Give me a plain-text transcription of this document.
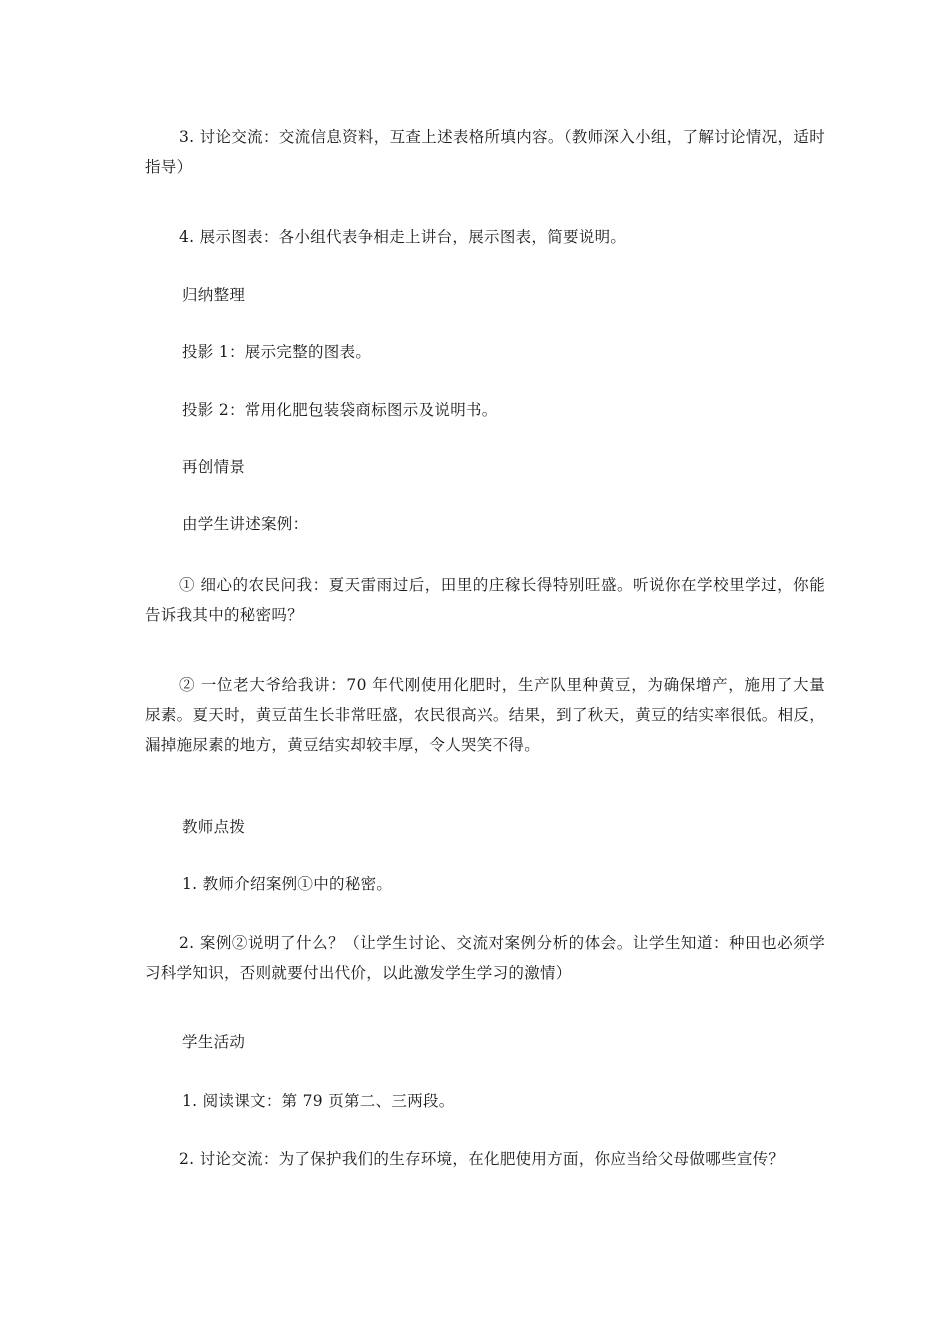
3. 讨论交流：交流信息资料，互查上述表格所填内容。（教师深入小组，了解讨论情况，适时指导）

4. 展示图表：各小组代表争相走上讲台，展示图表，简要说明。

归纳整理

投影 1：展示完整的图表。

投影 2：常用化肥包装袋商标图示及说明书。

再创情景

由学生讲述案例：

① 细心的农民问我：夏天雷雨过后，田里的庄稼长得特别旺盛。听说你在学校里学过，你能告诉我其中的秘密吗？

② 一位老大爷给我讲：70 年代刚使用化肥时，生产队里种黄豆，为确保增产，施用了大量尿素。夏天时，黄豆苗生长非常旺盛，农民很高兴。结果，到了秋天，黄豆的结实率很低。相反，漏掉施尿素的地方，黄豆结实却较丰厚，令人哭笑不得。

教师点拨

1. 教师介绍案例①中的秘密。

2. 案例②说明了什么？（让学生讨论、交流对案例分析的体会。让学生知道：种田也必须学习科学知识，否则就要付出代价，以此激发学生学习的激情）

学生活动

1. 阅读课文：第 79 页第二、三两段。

2. 讨论交流：为了保护我们的生存环境，在化肥使用方面，你应当给父母做哪些宣传？
